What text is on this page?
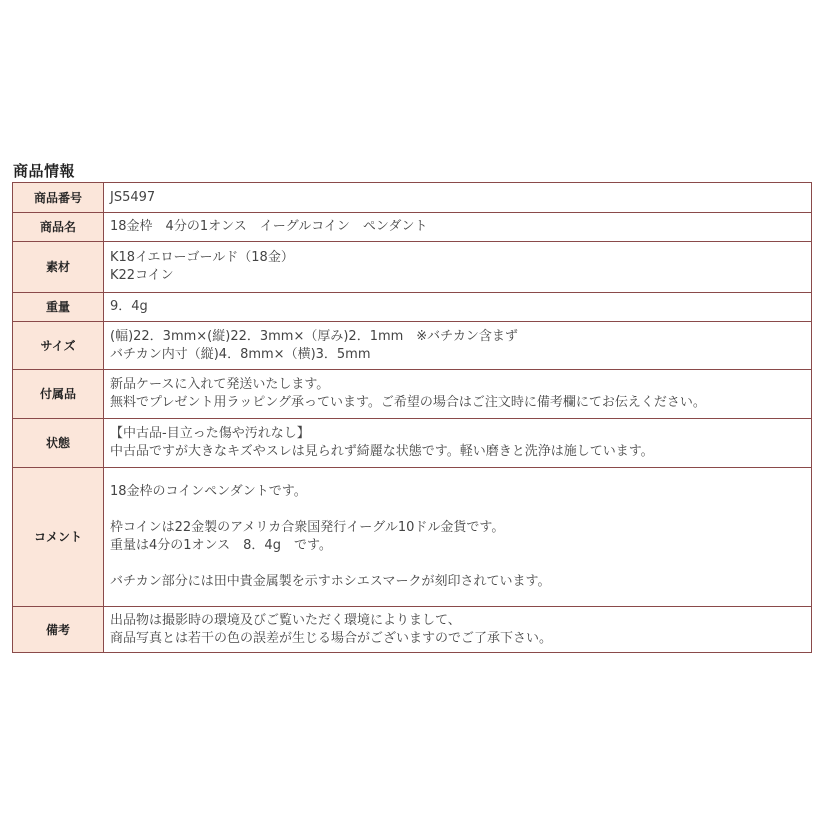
商品情報
商品番号	JS5497

商品名	18金枠　4分の1オンス　イーグルコイン　ペンダント

素材	K18イエローゴールド（18金）
K22コイン

重量	9．4g

サイズ	(幅)22．3mm×(縦)22．3mm×（厚み)2．1mm　※バチカン含まず
バチカン内寸（縦)4．8mm×（横)3．5mm

付属品	新品ケースに入れて発送いたします。
無料でプレゼント用ラッピング承っています。ご希望の場合はご注文時に備考欄にてお伝えください。

状態	【中古品-目立った傷や汚れなし】
中古品ですが大きなキズやスレは見られず綺麗な状態です。軽い磨きと洗浄は施しています。

コメント	18金枠のコインペンダントです。
枠コインは22金製のアメリカ合衆国発行イーグル10ドル金貨です。
重量は4分の1オンス　8．4g　です。
バチカン部分には田中貴金属製を示すホシエスマークが刻印されています。

備考	出品物は撮影時の環境及びご覧いただく環境によりまして、
商品写真とは若干の色の誤差が生じる場合がございますのでご了承下さい。
